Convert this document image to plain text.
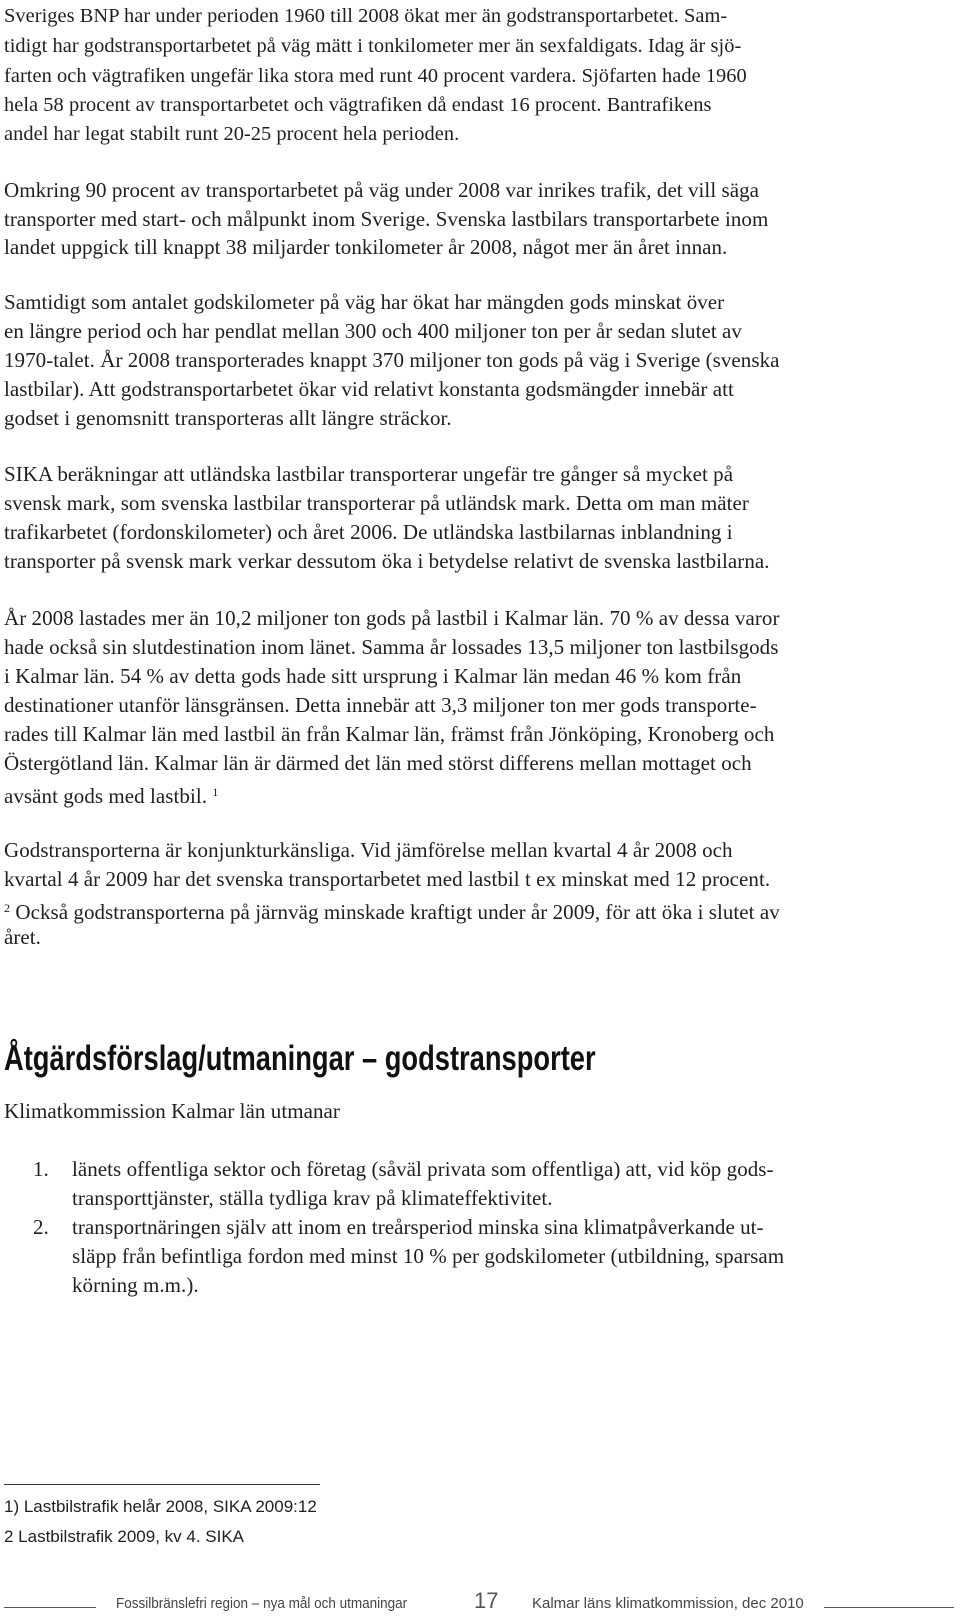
Sveriges BNP har under perioden 1960 till 2008 ökat mer än godstransportarbetet. Sam-
tidigt har godstransportarbetet på väg mätt i tonkilometer mer än sexfaldigats. Idag är sjö-
farten och vägtrafiken ungefär lika stora med runt 40 procent vardera. Sjöfarten hade 1960
hela 58 procent av transportarbetet och vägtrafiken då endast 16 procent. Bantrafikens
andel har legat stabilt runt 20-25 procent hela perioden.
Omkring 90 procent av transportarbetet på väg under 2008 var inrikes trafik, det vill säga
transporter med start- och målpunkt inom Sverige. Svenska lastbilars transportarbete inom
landet uppgick till knappt 38 miljarder tonkilometer år 2008, något mer än året innan.
Samtidigt som antalet godskilometer på väg har ökat har mängden gods minskat över
en längre period och har pendlat mellan 300 och 400 miljoner ton per år sedan slutet av
1970-talet. År 2008 transporterades knappt 370 miljoner ton gods på väg i Sverige (svenska
lastbilar). Att godstransportarbetet ökar vid relativt konstanta godsmängder innebär att
godset i genomsnitt transporteras allt längre sträckor.
SIKA beräkningar att utländska lastbilar transporterar ungefär tre gånger så mycket på
svensk mark, som svenska lastbilar transporterar på utländsk mark. Detta om man mäter
trafikarbetet (fordonskilometer) och året 2006. De utländska lastbilarnas inblandning i
transporter på svensk mark verkar dessutom öka i betydelse relativt de svenska lastbilarna.
År 2008 lastades mer än 10,2 miljoner ton gods på lastbil i Kalmar län. 70 % av dessa varor
hade också sin slutdestination inom länet. Samma år lossades 13,5 miljoner ton lastbilsgods
i Kalmar län. 54 % av detta gods hade sitt ursprung i Kalmar län medan 46 % kom från
destinationer utanför länsgränsen. Detta innebär att 3,3 miljoner ton mer gods transporte-
rades till Kalmar län med lastbil än från Kalmar län, främst från Jönköping, Kronoberg och
Östergötland län. Kalmar län är därmed det län med störst differens mellan mottaget och
avsänt gods med lastbil. $^1$
Godstransporterna är konjunkturkänsliga. Vid jämförelse mellan kvartal 4 år 2008 och
kvartal 4 år 2009 har det svenska transportarbetet med lastbil t ex minskat med 12 procent.
$^2$ Också godstransporterna på järnväg minskade kraftigt under år 2009, för att öka i slutet av
året.
Åtgärdsförslag/utmaningar – godstransporter
Klimatkommission Kalmar län utmanar
1. länets offentliga sektor och företag (såväl privata som offentliga) att, vid köp gods-
transporttjänster, ställa tydliga krav på klimateffektivitet.
2. transportnäringen själv att inom en treårsperiod minska sina klimatpåverkande ut-
släpp från befintliga fordon med minst 10 % per godskilometer (utbildning, sparsam
körning m.m.).
1) Lastbilstrafik helår 2008, SIKA 2009:12
2 Lastbilstrafik 2009, kv 4. SIKA
Fossilbränslefri region – nya mål och utmaningar	17 Kalmar läns klimatkommission, dec 2010
